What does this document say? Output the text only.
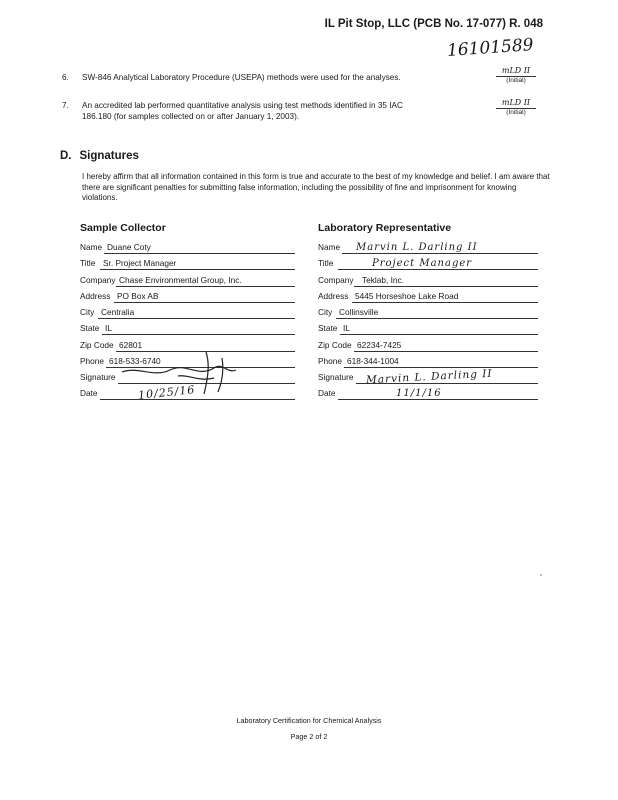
IL Pit Stop, LLC (PCB No. 17-077) R. 048
16101589
6. SW-846 Analytical Laboratory Procedure (USEPA) methods were used for the analyses.
mLD II
(Initial)
7. An accredited lab performed quantitative analysis using test methods identified in 35 IAC 186.180 (for samples collected on or after January 1, 2003).
mLD II
(Initial)
D. Signatures
I hereby affirm that all information contained in this form is true and accurate to the best of my knowledge and belief. I am aware that there are significant penalties for submitting false information, including the possibility of fine and imprisonment for knowing violations.
Sample Collector
Name Duane Coty
Title Sr. Project Manager
Company Chase Environmental Group, Inc.
Address PO Box AB
City Centralia
State IL
Zip Code 62801
Phone 618-533-6740
Signature
Date	10/25/16
Laboratory Representative
Name Marvin L. Darling II
Title	Project Manager
Company Teklab, Inc.
Address 5445 Horseshoe Lake Road
City Collinsville
State IL
Zip Code 62234-7425
Phone 618-344-1004
Signature Marvin L. Darling II
Date	11/1/16
Laboratory Certification for Chemical Analysis
Page 2 of 2
